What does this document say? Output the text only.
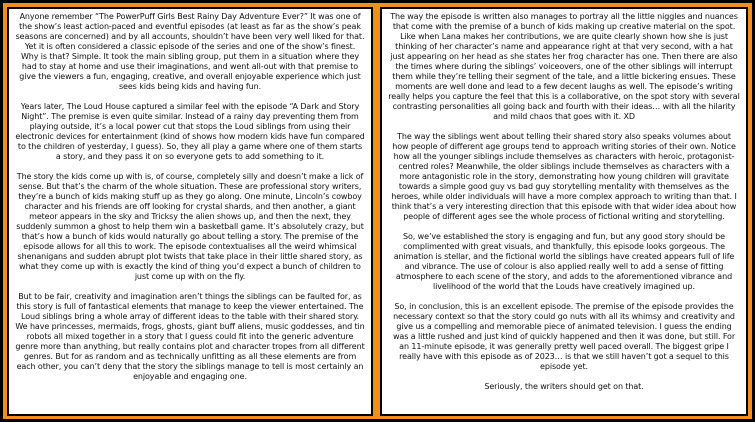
Anyone remember “The PowerPuff Girls Best Rainy Day Adventure Ever?” It was one of the show’s least action-paced and eventful episodes (at least as far as the show’s peak seasons are concerned) and by all accounts, shouldn’t have been very well liked for that. Yet it is often considered a classic episode of the series and one of the show’s finest. Why is that? Simple. It took the main sibling group, put them in a situation where they had to stay at home and use their imaginations, and went all-out with that premise to give the viewers a fun, engaging, creative, and overall enjoyable experience which just sees kids being kids and having fun.

Years later, The Loud House captured a similar feel with the episode “A Dark and Story Night”. The premise is even quite similar. Instead of a rainy day preventing them from playing outside, it’s a local power cut that stops the Loud siblings from using their electronic devices for entertainment (kind of shows how modern kids have fun compared to the children of yesterday, I guess). So, they all play a game where one of them starts a story, and they pass it on so everyone gets to add something to it.

The story the kids come up with is, of course, completely silly and doesn’t make a lick of sense. But that’s the charm of the whole situation. These are professional story writers, they’re a bunch of kids making stuff up as they go along. One minute, Lincoln’s cowboy character and his friends are off looking for crystal shards, and then another, a giant meteor appears in the sky and Tricksy the alien shows up, and then the next, they suddenly summon a ghost to help them win a basketball game. It’s absolutely crazy, but that’s how a bunch of kids would naturally go about telling a story. The premise of the episode allows for all this to work. The episode contextualises all the weird whimsical shenanigans and sudden abrupt plot twists that take place in their little shared story, as what they come up with is exactly the kind of thing you’d expect a bunch of children to just come up with on the fly.

But to be fair, creativity and imagination aren’t things the siblings can be faulted for, as this story is full of fantastical elements that manage to keep the viewer entertained. The Loud siblings bring a whole array of different ideas to the table with their shared story. We have princesses, mermaids, frogs, ghosts, giant buff aliens, music goddesses, and tin robots all mixed together in a story that I guess could fit into the generic adventure genre more than anything, but really contains plot and character tropes from all different genres. But for as random and as technically unfitting as all these elements are from each other, you can’t deny that the story the siblings manage to tell is most certainly an enjoyable and engaging one.

The way the episode is written also manages to portray all the little niggles and nuances that come with the premise of a bunch of kids making up creative material on the spot. Like when Lana makes her contributions, we are quite clearly shown how she is just thinking of her character’s name and appearance right at that very second, with a hat just appearing on her head as she states her frog character has one. Then there are also the times where during the siblings’ voiceovers, one of the other siblings will interrupt them while they’re telling their segment of the tale, and a little bickering ensues. These moments are well done and lead to a few decent laughs as well. The episode’s writing really helps you capture the feel that this is a collaborative, on the spot story with several contrasting personalities all going back and fourth with their ideas… with all the hilarity and mild chaos that goes with it. XD

The way the siblings went about telling their shared story also speaks volumes about how people of different age groups tend to approach writing stories of their own. Notice how all the younger siblings include themselves as characters with heroic, protagonist-centred roles? Meanwhile, the older siblings include themselves as characters with a more antagonistic role in the story, demonstrating how young children will gravitate towards a simple good guy vs bad guy storytelling mentality with themselves as the heroes, while older individuals will have a more complex approach to writing than that. I think that’s a very interesting direction that this episode with that wider idea about how people of different ages see the whole process of fictional writing and storytelling.

So, we’ve established the story is engaging and fun, but any good story should be complimented with great visuals, and thankfully, this episode looks gorgeous. The animation is stellar, and the fictional world the siblings have created appears full of life and vibrance. The use of colour is also applied really well to add a sense of fitting atmosphere to each scene of the story, and adds to the aforementioned vibrance and livelihood of the world that the Louds have creatively imagined up.

So, in conclusion, this is an excellent episode. The premise of the episode provides the necessary context so that the story could go nuts with all its whimsy and creativity and give us a compelling and memorable piece of animated television. I guess the ending was a little rushed and just kind of quickly happened and then it was done, but still. For an 11-minute episode, it was generally pretty well paced overall. The biggest gripe I really have with this episode as of 2023… is that we still haven’t got a sequel to this episode yet.

Seriously, the writers should get on that.
